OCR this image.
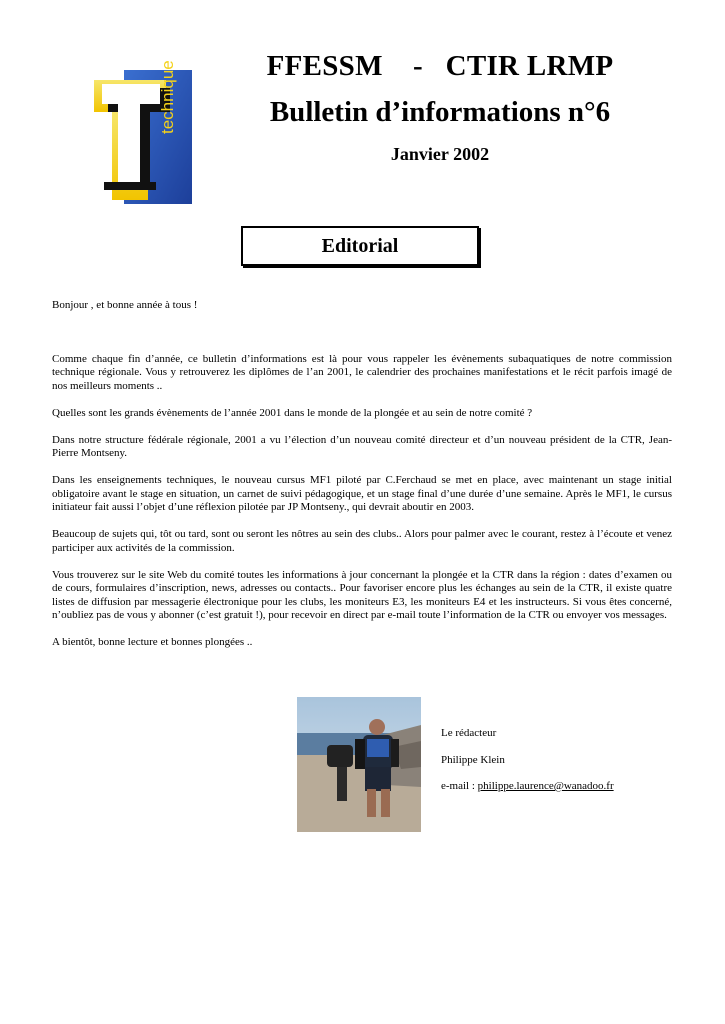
FFESSM    -   CTIR LRMP
Bulletin d’informations n°6
Janvier 2002
Editorial

Bonjour , et bonne année à tous !

Comme chaque fin d’année, ce bulletin d’informations est là pour vous rappeler les évènements subaquatiques de notre commission technique régionale. Vous y retrouverez les diplômes de l’an 2001, le calendrier des prochaines manifestations et le récit parfois imagé de nos meilleurs moments ..

Quelles sont les grands évènements de l’année 2001 dans le monde de la plongée et au sein de notre comité ?

Dans notre structure fédérale régionale, 2001 a vu l’élection d’un nouveau comité directeur et d’un nouveau président de la CTR, Jean-Pierre Montseny.

Dans les enseignements techniques, le nouveau cursus MF1 piloté par C.Ferchaud se met en place, avec maintenant un stage initial obligatoire avant le stage en situation, un carnet de suivi pédagogique, et un stage final d’une durée d’une semaine. Après le MF1, le cursus initiateur fait aussi l’objet d’une réflexion pilotée par JP Montseny., qui devrait aboutir en 2003.

Beaucoup de sujets qui, tôt ou tard, sont ou seront les nôtres au sein des clubs.. Alors pour palmer avec le courant, restez à l’écoute et venez participer aux activités de la commission.

Vous trouverez sur le site Web du comité toutes les informations à jour concernant la plongée et la CTR dans la région : dates d’examen ou de cours, formulaires d’inscription, news, adresses ou contacts.. Pour favoriser encore plus les échanges au sein de la CTR, il existe quatre listes de diffusion par messagerie électronique pour les clubs, les moniteurs E3, les moniteurs E4 et les instructeurs. Si vous êtes concerné, n’oubliez pas de vous y abonner (c’est gratuit !), pour recevoir en direct par e-mail toute l’information de la CTR ou envoyer vos messages.

A bientôt, bonne lecture et bonnes plongées ..

Le rédacteur
Philippe Klein
e-mail : philippe.laurence@wanadoo.fr
